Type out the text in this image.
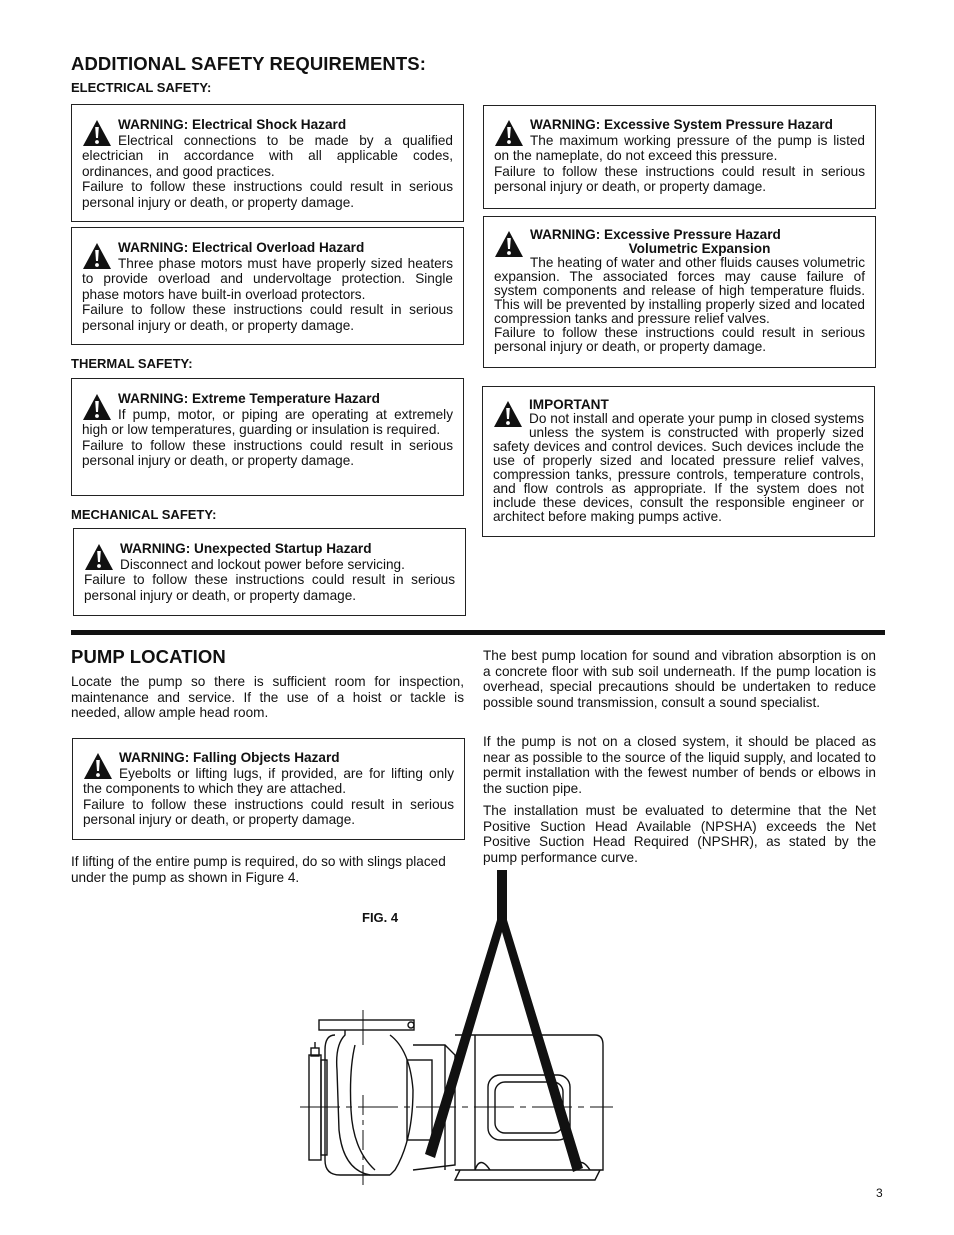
ADDITIONAL SAFETY REQUIREMENTS:
ELECTRICAL SAFETY:
WARNING: Electrical Shock Hazard

Electrical connections to be made by a qualified electrician in accordance with all applicable codes, ordinances, and good practices.

Failure to follow these instructions could result in serious personal injury or death, or property damage.

WARNING: Electrical Overload Hazard

Three phase motors must have properly sized heaters to provide overload and undervoltage protection. Single phase motors have built-in overload protectors.

Failure to follow these instructions could result in serious personal injury or death, or property damage.

THERMAL SAFETY:
WARNING: Extreme Temperature Hazard

If pump, motor, or piping are operating at extremely high or low temperatures, guarding or insulation is required.

Failure to follow these instructions could result in serious personal injury or death, or property damage.

MECHANICAL SAFETY:
WARNING: Unexpected Startup Hazard

Disconnect and lockout power before servicing.

Failure to follow these instructions could result in serious personal injury or death, or property damage.

WARNING: Excessive System Pressure Hazard

The maximum working pressure of the pump is listed on the nameplate, do not exceed this pressure.

Failure to follow these instructions could result in serious personal injury or death, or property damage.

WARNING: Excessive Pressure Hazard
Volumetric Expansion

The heating of water and other fluids causes volumetric expansion. The associated forces may cause failure of system components and release of high temperature fluids. This will be prevented by installing properly sized and located compression tanks and pressure relief valves.

Failure to follow these instructions could result in serious personal injury or death, or property damage.

IMPORTANT

Do not install and operate your pump in closed systems unless the system is constructed with properly sized safety devices and control devices. Such devices include the use of properly sized and located pressure relief valves, compression tanks, pressure controls, temperature controls, and flow controls as appropriate. If the system does not include these devices, consult the responsible engineer or architect before making pumps active.

PUMP LOCATION

Locate the pump so there is sufficient room for inspection, maintenance and service. If the use of a hoist or tackle is needed, allow ample head room.

WARNING: Falling Objects Hazard

Eyebolts or lifting lugs, if provided, are for lifting only the components to which they are attached.

Failure to follow these instructions could result in serious personal injury or death, or property damage.

If lifting of the entire pump is required, do so with slings placed under the pump as shown in Figure 4.

The best pump location for sound and vibration absorption is on a concrete floor with sub soil underneath. If the pump location is overhead, special precautions should be undertaken to reduce possible sound transmission, consult a sound specialist.

If the pump is not on a closed system, it should be placed as near as possible to the source of the liquid supply, and located to permit installation with the fewest number of bends or elbows in the suction pipe.

The installation must be evaluated to determine that the Net Positive Suction Head Available (NPSHA) exceeds the Net Positive Suction Head Required (NPSHR), as stated by the pump performance curve.

FIG. 4
3
